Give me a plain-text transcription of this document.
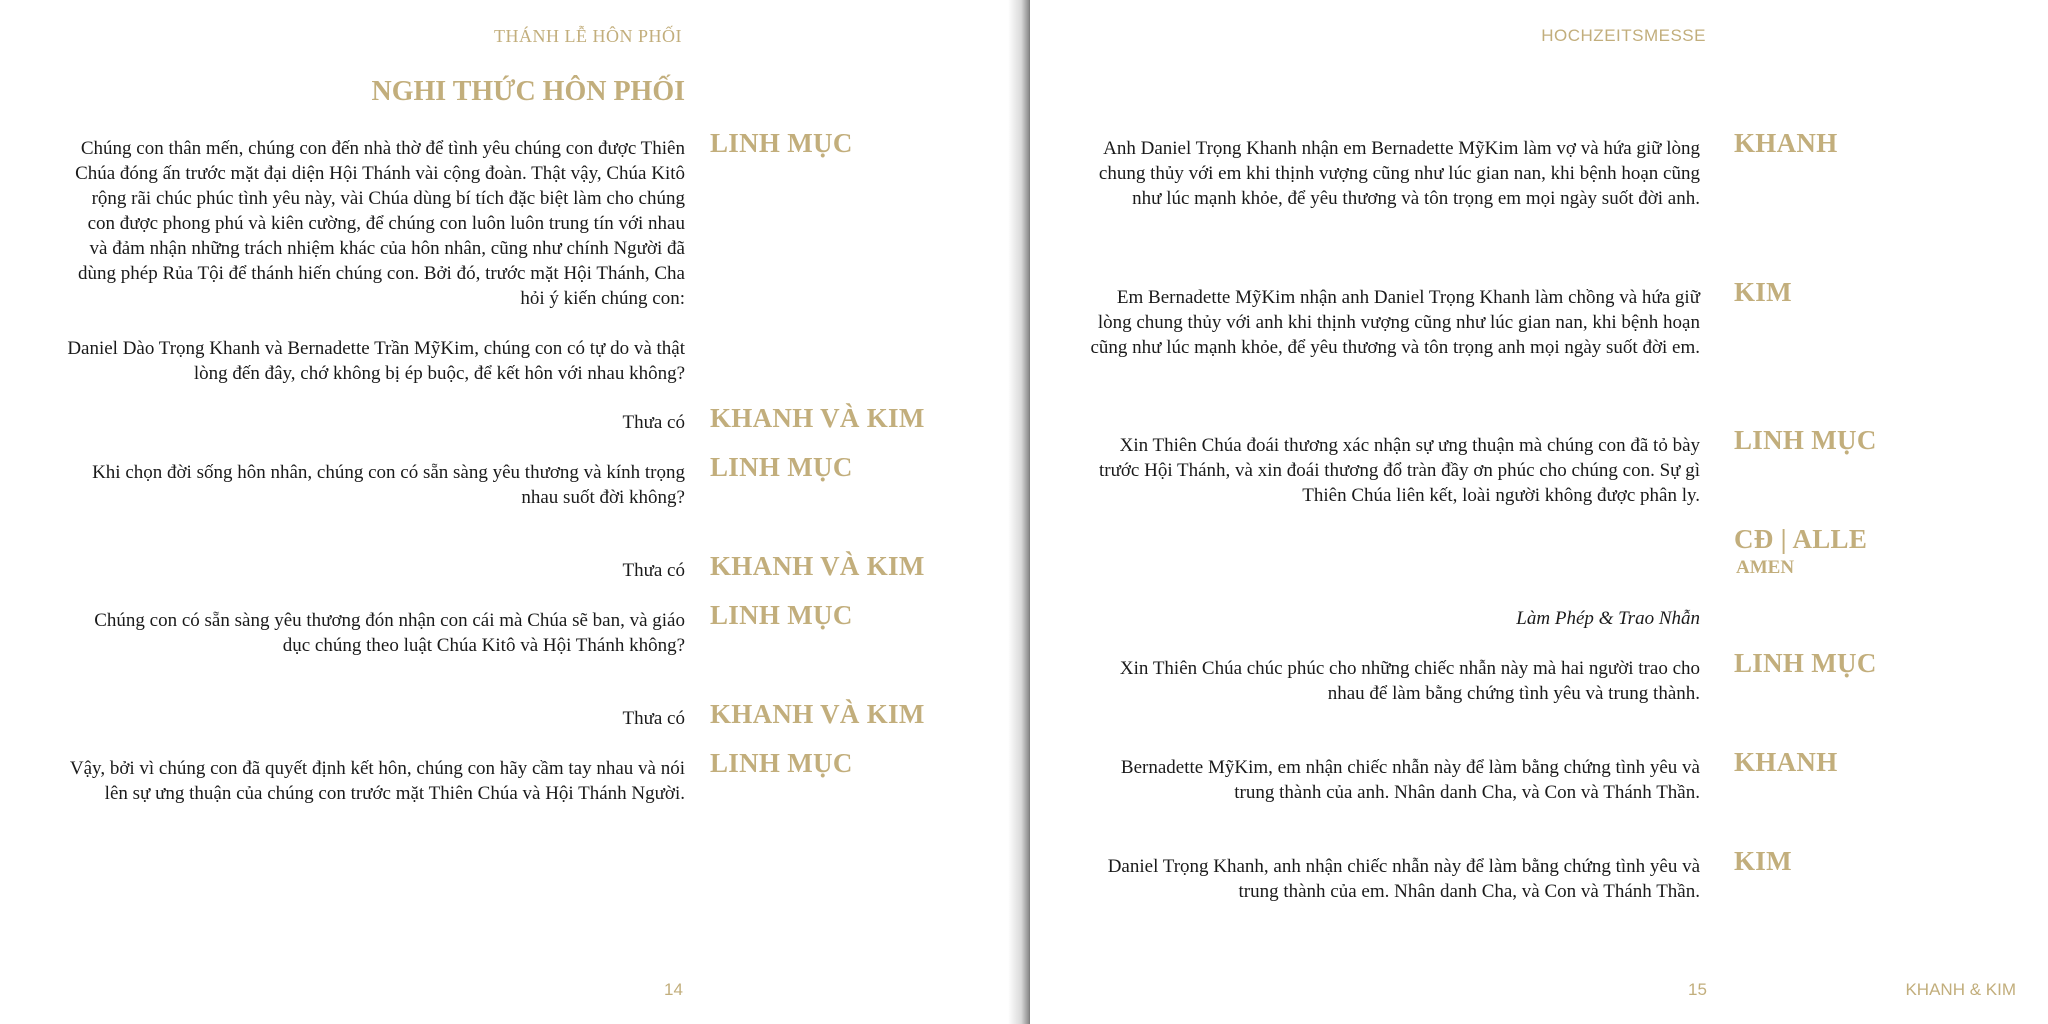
THÁNH LỄ HÔN PHỐI
NGHI THỨC HÔN PHỐI
Chúng con thân mến, chúng con đến nhà thờ để tình yêu chúng con được Thiên Chúa đóng ấn trước mặt đại diện Hội Thánh vài cộng đoàn. Thật vậy, Chúa Kitô rộng rãi chúc phúc tình yêu này, vài Chúa dùng bí tích đặc biệt làm cho chúng con được phong phú và kiên cường, để chúng con luôn luôn trung tín với nhau và đảm nhận những trách nhiệm khác của hôn nhân, cũng như chính Người đã dùng phép Rủa Tội để thánh hiến chúng con. Bởi đó, trước mặt Hội Thánh, Cha hỏi ý kiến chúng con:
LINH MỤC
Daniel Dào Trọng Khanh và Bernadette Trần MỹKim, chúng con có tự do và thật lòng đến đây, chớ không bị ép buộc, để kết hôn với nhau không?
Thưa có KHANH VÀ KIM
Khi chọn đời sống hôn nhân, chúng con có sẵn sàng yêu thương và kính trọng nhau suốt đời không?
LINH MỤC
Thưa có KHANH VÀ KIM
Chúng con có sẵn sàng yêu thương đón nhận con cái mà Chúa sẽ ban, và giáo dục chúng theo luật Chúa Kitô và Hội Thánh không?
LINH MỤC
Thưa có KHANH VÀ KIM
Vậy, bởi vì chúng con đã quyết định kết hôn, chúng con hãy cầm tay nhau và nói lên sự ưng thuận của chúng con trước mặt Thiên Chúa và Hội Thánh Người.
LINH MỤC
14
HOCHZEITSMESSE
Anh Daniel Trọng Khanh nhận em Bernadette MỹKim làm vợ và hứa giữ lòng chung thủy với em khi thịnh vượng cũng như lúc gian nan, khi bệnh hoạn cũng như lúc mạnh khỏe, để yêu thương và tôn trọng em mọi ngày suốt đời anh.
KHANH
Em Bernadette MỹKim nhận anh Daniel Trọng Khanh làm chồng và hứa giữ lòng chung thủy với anh khi thịnh vượng cũng như lúc gian nan, khi bệnh hoạn cũng như lúc mạnh khỏe, để yêu thương và tôn trọng anh mọi ngày suốt đời em.
KIM
Xin Thiên Chúa đoái thương xác nhận sự ưng thuận mà chúng con đã tỏ bày trước Hội Thánh, và xin đoái thương đổ tràn đầy ơn phúc cho chúng con. Sự gì Thiên Chúa liên kết, loài người không được phân ly.
LINH MỤC
CĐ | ALLE
AMEN
Làm Phép & Trao Nhẫn
Xin Thiên Chúa chúc phúc cho những chiếc nhẫn này mà hai người trao cho nhau để làm bằng chứng tình yêu và trung thành.
LINH MỤC
Bernadette MỹKim, em nhận chiếc nhẫn này để làm bằng chứng tình yêu và trung thành của anh. Nhân danh Cha, và Con và Thánh Thần.
KHANH
Daniel Trọng Khanh, anh nhận chiếc nhẫn này để làm bằng chứng tình yêu và trung thành của em. Nhân danh Cha, và Con và Thánh Thần.
KIM
15	KHANH & KIM
